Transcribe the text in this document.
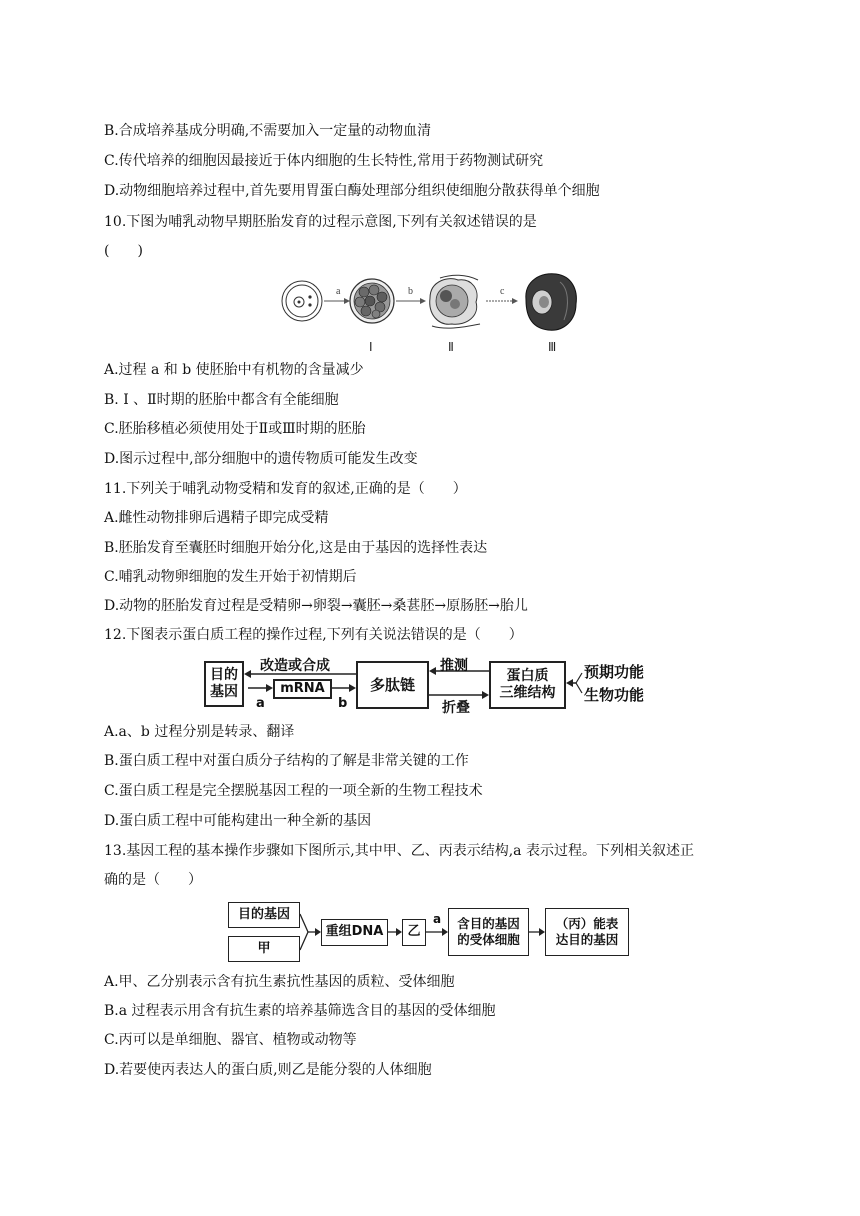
B.合成培养基成分明确,不需要加入一定量的动物血清
C.传代培养的细胞因最接近于体内细胞的生长特性,常用于药物测试研究
D.动物细胞培养过程中,首先要用胃蛋白酶处理部分组织使细胞分散获得单个细胞
10.下图为哺乳动物早期胚胎发育的过程示意图,下列有关叙述错误的是
(　　)
a	b	c
Ⅰ	Ⅱ	Ⅲ
A.过程 a 和 b 使胚胎中有机物的含量减少
B. Ⅰ 、Ⅱ时期的胚胎中都含有全能细胞
C.胚胎移植必须使用处于Ⅱ或Ⅲ时期的胚胎
D.图示过程中,部分细胞中的遗传物质可能发生改变
11.下列关于哺乳动物受精和发育的叙述,正确的是（　　）
A.雌性动物排卵后遇精子即完成受精
B.胚胎发育至囊胚时细胞开始分化,这是由于基因的选择性表达
C.哺乳动物卵细胞的发生开始于初情期后
D.动物的胚胎发育过程是受精卵→卵裂→囊胚→桑葚胚→原肠胚→胎儿
12.下图表示蛋白质工程的操作过程,下列有关说法错误的是（　　）
目的
基因	mRNA	多肽链
蛋白质
三维结构
改造或合成	推测
折叠
a	b
预期功能
生物功能
A.a、b 过程分别是转录、翻译
B.蛋白质工程中对蛋白质分子结构的了解是非常关键的工作
C.蛋白质工程是完全摆脱基因工程的一项全新的生物工程技术
D.蛋白质工程中可能构建出一种全新的基因
13.基因工程的基本操作步骤如下图所示,其中甲、乙、丙表示结构,a 表示过程。下列相关叙述正
确的是（　　）
目的基因
甲
重组DNA	乙
a 含目的基因
的受体细胞
（丙）能表
达目的基因
A.甲、乙分别表示含有抗生素抗性基因的质粒、受体细胞
B.a 过程表示用含有抗生素的培养基筛选含目的基因的受体细胞
C.丙可以是单细胞、器官、植物或动物等
D.若要使丙表达人的蛋白质,则乙是能分裂的人体细胞
